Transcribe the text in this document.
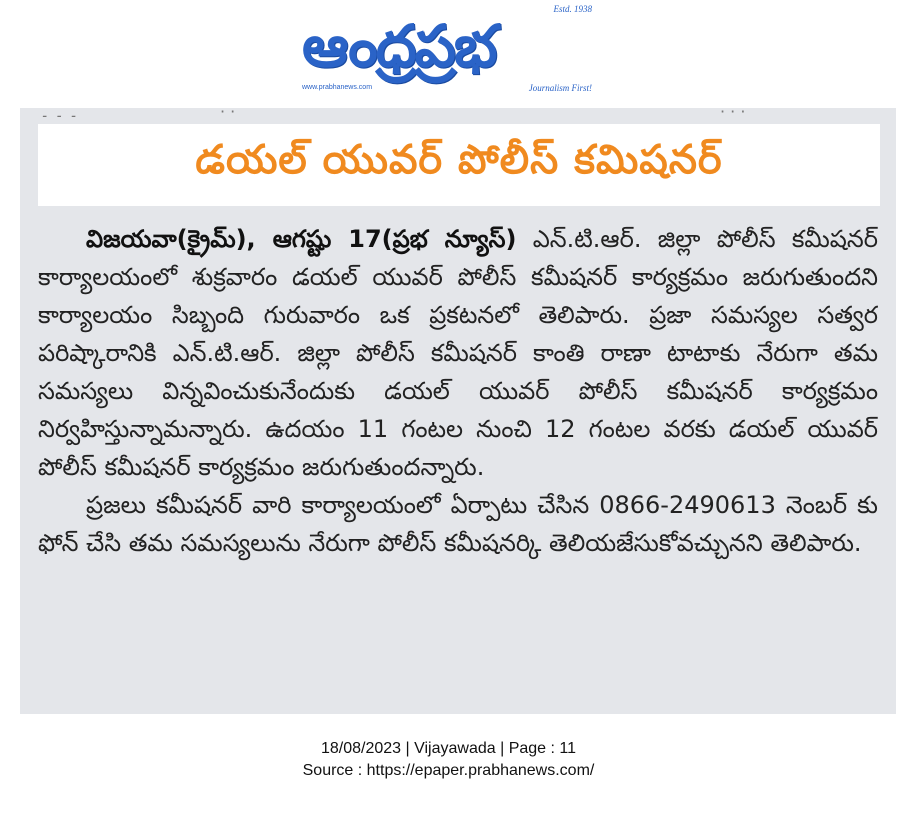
ఆంధ్రప్రభ
Estd. 1938
www.prabhanews.com	Journalism First!
۔ ۔ ۔	· ·	· · ·
డయల్ యువర్ పోలీస్ కమిషనర్

విజయవా(క్రైమ్), ఆగష్టు 17(ప్రభ న్యూస్) ఎన్.టి.ఆర్. జిల్లా పోలీస్ కమీషనర్ కార్యాలయంలో శుక్రవారం డయల్ యువర్ పోలీస్ కమీషనర్ కార్యక్రమం జరుగుతుందని కార్యాలయం సిబ్బంది గురువారం ఒక ప్రకటనలో తెలిపారు. ప్రజా సమస్యల సత్వర పరిష్కారానికి ఎన్.టి.ఆర్. జిల్లా పోలీస్ కమీషనర్ కాంతి రాణా టాటాకు నేరుగా తమ సమస్యలు విన్నవించుకునేందుకు డయల్ యువర్ పోలీస్ కమీషనర్ కార్యక్రమం నిర్వహిస్తున్నామన్నారు. ఉదయం 11 గంటల నుంచి 12 గంటల వరకు డయల్ యువర్ పోలీస్ కమీషనర్ కార్యక్రమం జరుగుతుందన్నారు.

ప్రజలు కమీషనర్ వారి కార్యాలయంలో ఏర్పాటు చేసిన 0866-2490613 నెంబర్ కు ఫోన్ చేసి తమ సమస్యలును నేరుగా పోలీస్ కమీషనర్కి తెలియజేసుకోవచ్చునని తెలిపారు.

18/08/2023 | Vijayawada | Page : 11
Source : https://epaper.prabhanews.com/
